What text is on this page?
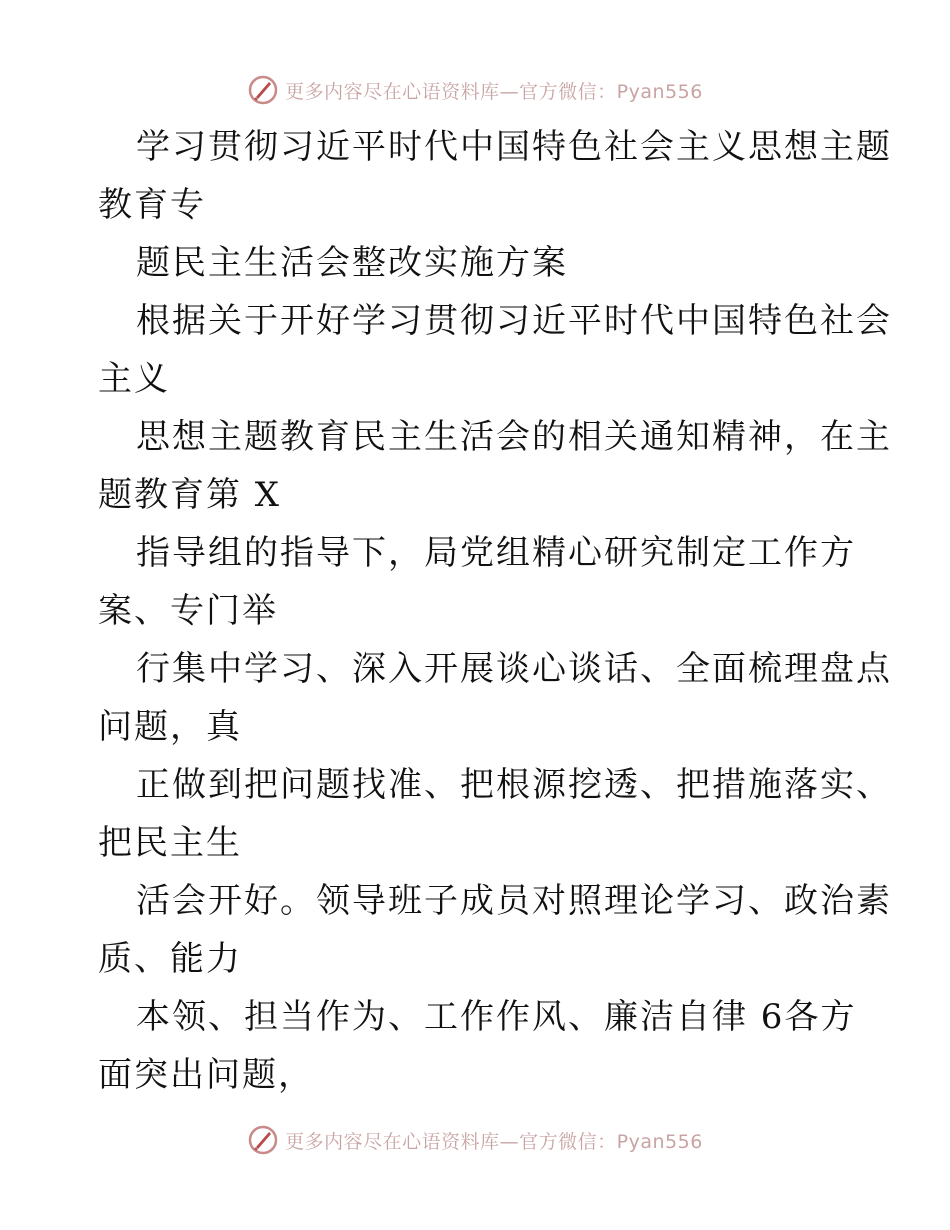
更多内容尽在心语资料库—官方微信：Pyan556
学习贯彻习近平时代中国特色社会主义思想主题
教育专
题民主生活会整改实施方案
根据关于开好学习贯彻习近平时代中国特色社会
主义
思想主题教育民主生活会的相关通知精神，在主
题教育第 X
指导组的指导下，局党组精心研究制定工作方
案、专门举
行集中学习、深入开展谈心谈话、全面梳理盘点
问题，真
正做到把问题找准、把根源挖透、把措施落实、
把民主生
活会开好。领导班子成员对照理论学习、政治素
质、能力
本领、担当作为、工作作风、廉洁自律 6各方
面突出问题，
更多内容尽在心语资料库—官方微信：Pyan556
